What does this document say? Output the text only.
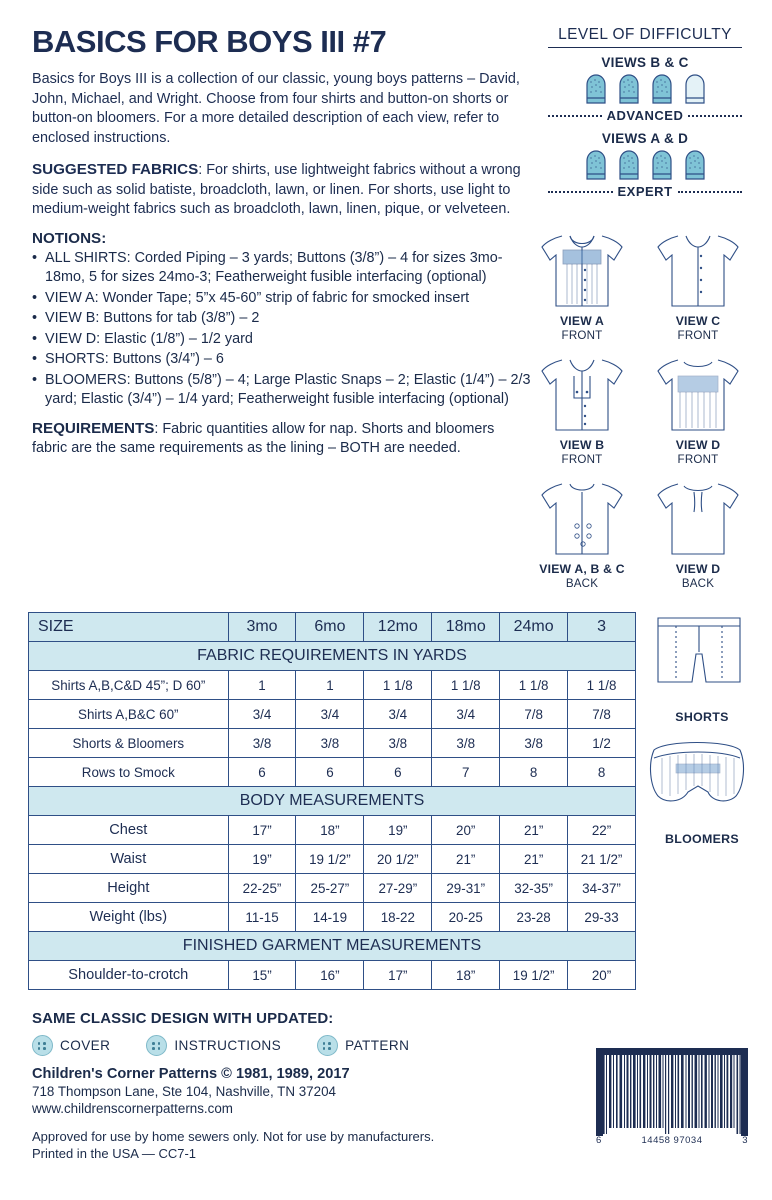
BASICS FOR BOYS III #7
Basics for Boys III is a collection of our classic, young boys patterns – David, John, Michael, and Wright. Choose from four shirts and button-on shorts or button-on bloomers. For a more detailed description of each view, refer to enclosed instructions.
SUGGESTED FABRICS: For shirts, use lightweight fabrics without a wrong side such as solid batiste, broadcloth, lawn, or linen. For shorts, use light to medium-weight fabrics such as broadcloth, lawn, linen, pique, or velveteen.
NOTIONS:
• ALL SHIRTS: Corded Piping – 3 yards; Buttons (3/8”) – 4 for sizes 3mo-18mo, 5 for sizes 24mo-3; Featherweight fusible interfacing (optional)
• VIEW A: Wonder Tape; 5”x 45-60” strip of fabric for smocked insert
• VIEW B: Buttons for tab (3/8”) – 2
• VIEW D: Elastic (1/8”) – 1/2 yard
• SHORTS: Buttons (3/4”) – 6
• BLOOMERS: Buttons (5/8”) – 4; Large Plastic Snaps – 2; Elastic (1/4”) – 2/3 yard; Elastic (3/4”) – 1/4 yard; Featherweight fusible interfacing (optional)
REQUIREMENTS: Fabric quantities allow for nap. Shorts and bloomers fabric are the same requirements as the lining – BOTH are needed.
LEVEL OF DIFFICULTY
VIEWS B & C
ADVANCED
VIEWS A & D
EXPERT
VIEW A
FRONT
VIEW C
FRONT
VIEW B
FRONT
VIEW D
FRONT
VIEW A, B & C
BACK
VIEW D
BACK
SHORTS
BLOOMERS
SIZE	3mo	6mo	12mo	18mo	24mo	3
FABRIC REQUIREMENTS IN YARDS						
Shirts A,B,C&D 45”; D 60”	1	1	1 1/8	1 1/8	1 1/8	1 1/8
Shirts A,B&C 60”	3/4	3/4	3/4	3/4	7/8	7/8
Shorts & Bloomers	3/8	3/8	3/8	3/8	3/8	1/2
Rows to Smock	6	6	6	7	8	8
BODY MEASUREMENTS						
Chest	17”	18”	19”	20”	21”	22”
Waist	19”	19 1/2”	20 1/2”	21”	21”	21 1/2”
Height	22-25”	25-27”	27-29”	29-31”	32-35”	34-37”
Weight (lbs)	11-15	14-19	18-22	20-25	23-28	29-33
FINISHED GARMENT MEASUREMENTS						
Shoulder-to-crotch	15”	16”	17”	18”	19 1/2”	20”
SAME CLASSIC DESIGN WITH UPDATED:
COVER	INSTRUCTIONS	PATTERN
Children's Corner Patterns © 1981, 1989, 2017
718 Thompson Lane, Ste 104, Nashville, TN 37204
www.childrenscornerpatterns.com
Approved for use by home sewers only. Not for use by manufacturers.
Printed in the USA — CC7-1
6	14458 97034	3
